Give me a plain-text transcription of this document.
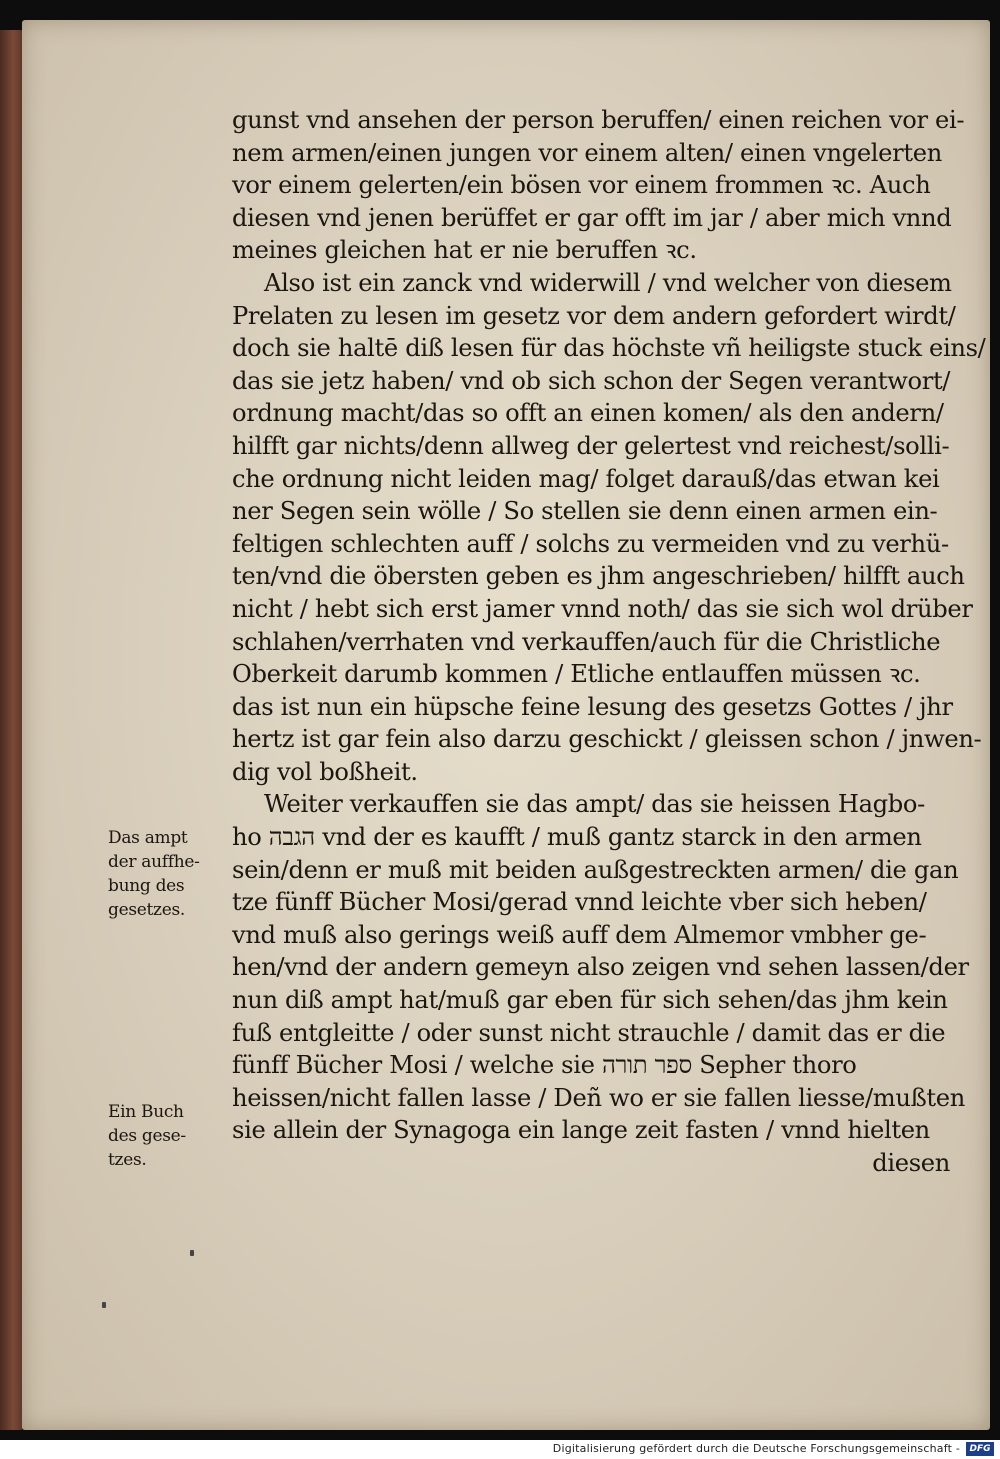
Das ampt
der auffhe-
bung des
gesetzes.
Ein Buch
des gese-
tzes.
gunst vnd ansehen der person beruffen/ einen reichen vor ei-
nem armen/einen jungen vor einem alten/ einen vngelerten
vor einem gelerten/ein bösen vor einem frommen ꝛc. Auch
diesen vnd jenen berüffet er gar offt im jar / aber mich vnnd
meines gleichen hat er nie beruffen ꝛc.
Also ist ein zanck vnd widerwill / vnd welcher von diesem
Prelaten zu lesen im gesetz vor dem andern gefordert wirdt/
doch sie haltē diß lesen für das höchste vñ heiligste stuck eins/
das sie jetz haben/ vnd ob sich schon der Segen verantwort/
ordnung macht/das so offt an einen komen/ als den andern/
hilfft gar nichts/denn allweg der gelertest vnd reichest/solli-
che ordnung nicht leiden mag/ folget darauß/das etwan kei
ner Segen sein wölle / So stellen sie denn einen armen ein-
feltigen schlechten auff / solchs zu vermeiden vnd zu verhü-
ten/vnd die öbersten geben es jhm angeschrieben/ hilfft auch
nicht / hebt sich erst jamer vnnd noth/ das sie sich wol drüber
schlahen/verrhaten vnd verkauffen/auch für die Christliche
Oberkeit darumb kommen / Etliche entlauffen müssen ꝛc.
das ist nun ein hüpsche feine lesung des gesetzs Gottes / jhr
hertz ist gar fein also darzu geschickt / gleissen schon / jnwen-
dig vol boßheit.
Weiter verkauffen sie das ampt/ das sie heissen Hagbo-
ho הגבה vnd der es kaufft / muß gantz starck in den armen
sein/denn er muß mit beiden außgestreckten armen/ die gan
tze fünff Bücher Mosi/gerad vnnd leichte vber sich heben/
vnd muß also gerings weiß auff dem Almemor vmbher ge-
hen/vnd der andern gemeyn also zeigen vnd sehen lassen/der
nun diß ampt hat/muß gar eben für sich sehen/das jhm kein
fuß entgleitte / oder sunst nicht strauchle / damit das er die
fünff Bücher Mosi / welche sie ספר תורה Sepher thoro
heissen/nicht fallen lasse / Deñ wo er sie fallen liesse/mußten
sie allein der Synagoga ein lange zeit fasten / vnnd hielten
diesen
Digitalisierung gefördert durch die Deutsche Forschungsgemeinschaft -	DFG
